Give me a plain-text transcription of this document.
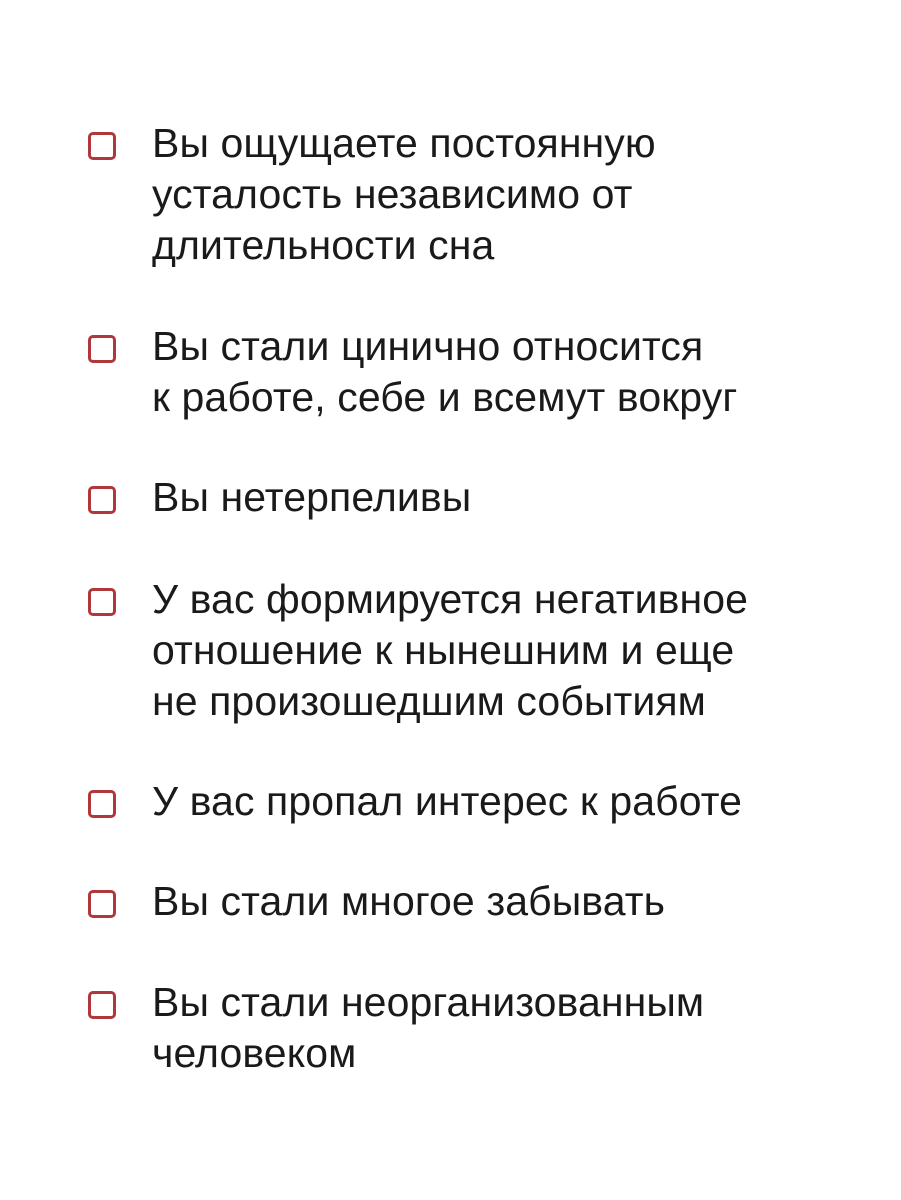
Вы ощущаете постоянную
усталость независимо от
длительности сна
Вы стали цинично относится
к работе, себе и всемут вокруг
Вы нетерпеливы
У вас формируется негативное
отношение к нынешним и еще
не произошедшим событиям
У вас пропал интерес к работе
Вы стали многое забывать
Вы стали неорганизованным
человеком
